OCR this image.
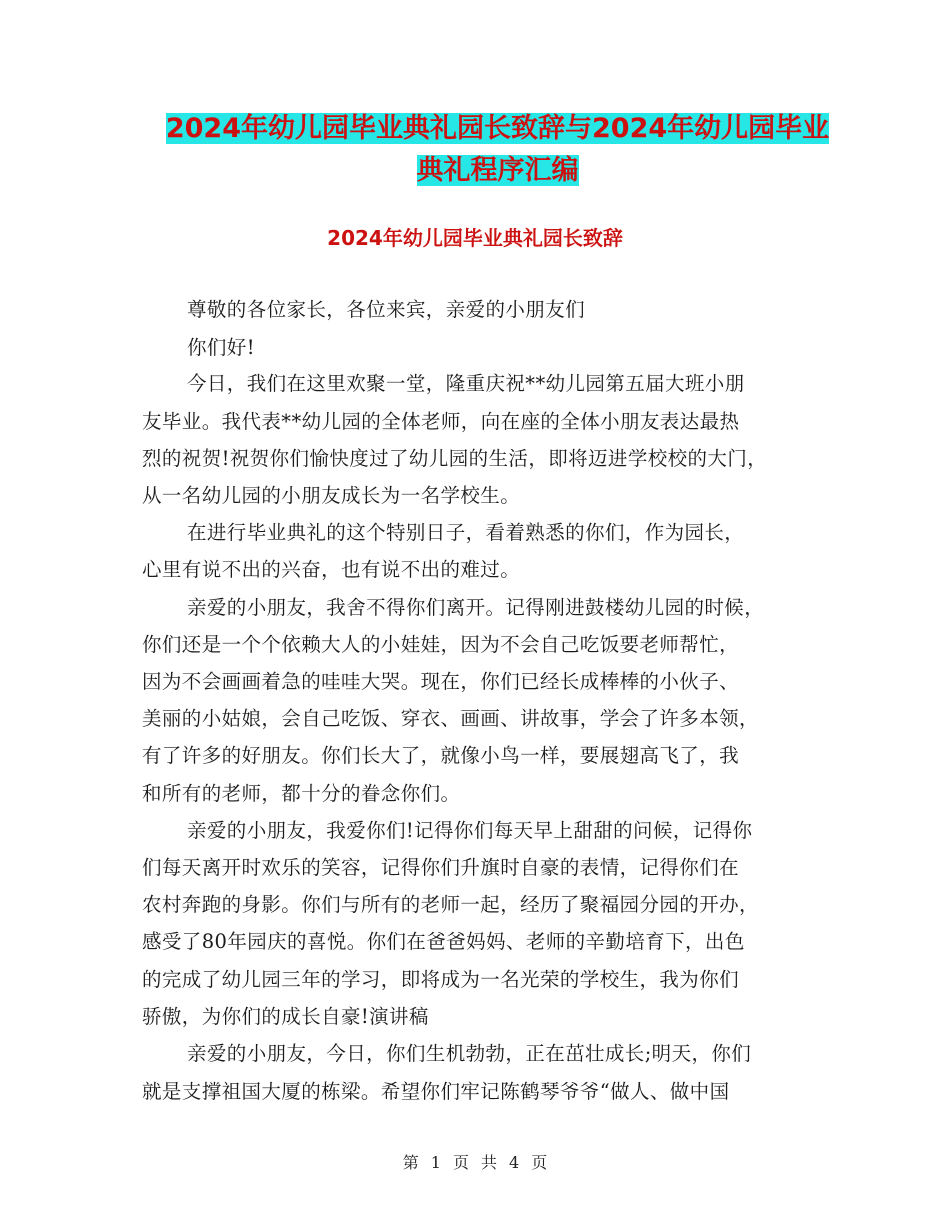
2024年幼儿园毕业典礼园长致辞与2024年幼儿园毕业
典礼程序汇编
2024年幼儿园毕业典礼园长致辞
尊敬的各位家长，各位来宾，亲爱的小朋友们
你们好!
今日，我们在这里欢聚一堂，隆重庆祝**幼儿园第五届大班小朋
友毕业。我代表**幼儿园的全体老师，向在座的全体小朋友表达最热
烈的祝贺!祝贺你们愉快度过了幼儿园的生活，即将迈进学校校的大门，
从一名幼儿园的小朋友成长为一名学校生。
在进行毕业典礼的这个特别日子，看着熟悉的你们，作为园长，
心里有说不出的兴奋，也有说不出的难过。
亲爱的小朋友，我舍不得你们离开。记得刚进鼓楼幼儿园的时候，
你们还是一个个依赖大人的小娃娃，因为不会自己吃饭要老师帮忙，
因为不会画画着急的哇哇大哭。现在，你们已经长成棒棒的小伙子、
美丽的小姑娘，会自己吃饭、穿衣、画画、讲故事，学会了许多本领，
有了许多的好朋友。你们长大了，就像小鸟一样，要展翅高飞了，我
和所有的老师，都十分的眷念你们。
亲爱的小朋友，我爱你们!记得你们每天早上甜甜的问候，记得你
们每天离开时欢乐的笑容，记得你们升旗时自豪的表情，记得你们在
农村奔跑的身影。你们与所有的老师一起，经历了聚福园分园的开办，
感受了80年园庆的喜悦。你们在爸爸妈妈、老师的辛勤培育下，出色
的完成了幼儿园三年的学习，即将成为一名光荣的学校生，我为你们
骄傲，为你们的成长自豪!演讲稿
亲爱的小朋友，今日，你们生机勃勃，正在茁壮成长;明天，你们
就是支撑祖国大厦的栋梁。希望你们牢记陈鹤琴爷爷“做人、做中国
第 1 页 共 4 页
